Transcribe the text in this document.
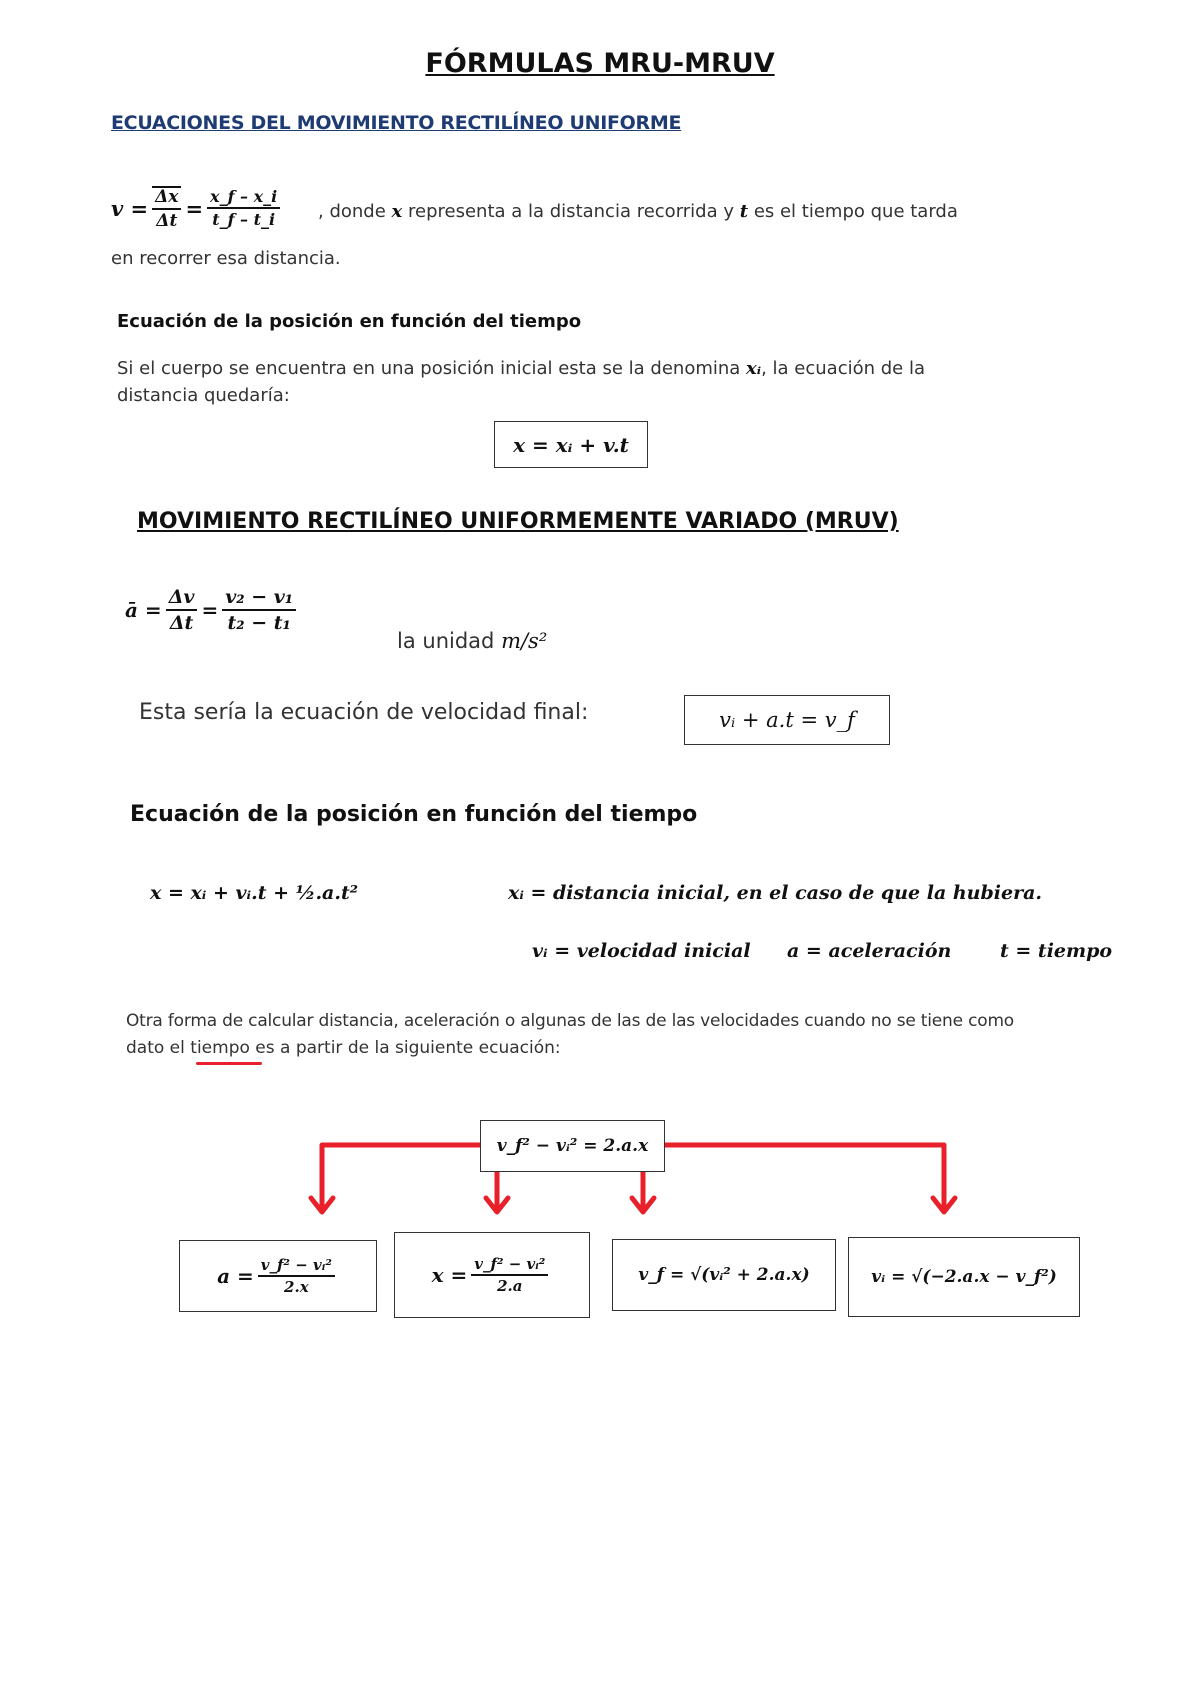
FÓRMULAS MRU-MRUV
ECUACIONES DEL MOVIMIENTO RECTILÍNEO UNIFORME
$v = \frac{\Delta x}{\Delta t} = \frac{x\_f - x\_i}{t\_f - t\_i}$ , donde x representa a la distancia recorrida y t es el tiempo que tarda
en recorrer esa distancia.
Ecuación de la posición en función del tiempo
Si el cuerpo se encuentra en una posición inicial esta se la denomina xᵢ, la ecuación de la
distancia quedaría:
x = xᵢ + v.t
MOVIMIENTO RECTILÍNEO UNIFORMEMENTE VARIADO (MRUV)
ā = $\frac{\Delta v}{\Delta t} = \frac{\text{v₂ − v₁}}{\text{t₂ − t₁}}$
la unidad m/s²
Esta sería la ecuación de velocidad final:	vᵢ + a.t = v_f
Ecuación de la posición en función del tiempo
x = xᵢ + vᵢ.t + ½.a.t²	xᵢ = distancia inicial, en el caso de que la hubiera.
vᵢ = velocidad inicial a = aceleración	t = tiempo
Otra forma de calcular distancia, aceleración o algunas de las de las velocidades cuando no se tiene como
dato el tiempo es a partir de la siguiente ecuación:
v_f² − vᵢ² = 2.a.x
$a = \frac{\text{v\_f² − vᵢ²}}{2.x}$	$x = \frac{\text{v\_f² − vᵢ²}}{2.a}$	v_f = √(vᵢ² + 2.a.x)	vᵢ = √(−2.a.x − v_f²)
